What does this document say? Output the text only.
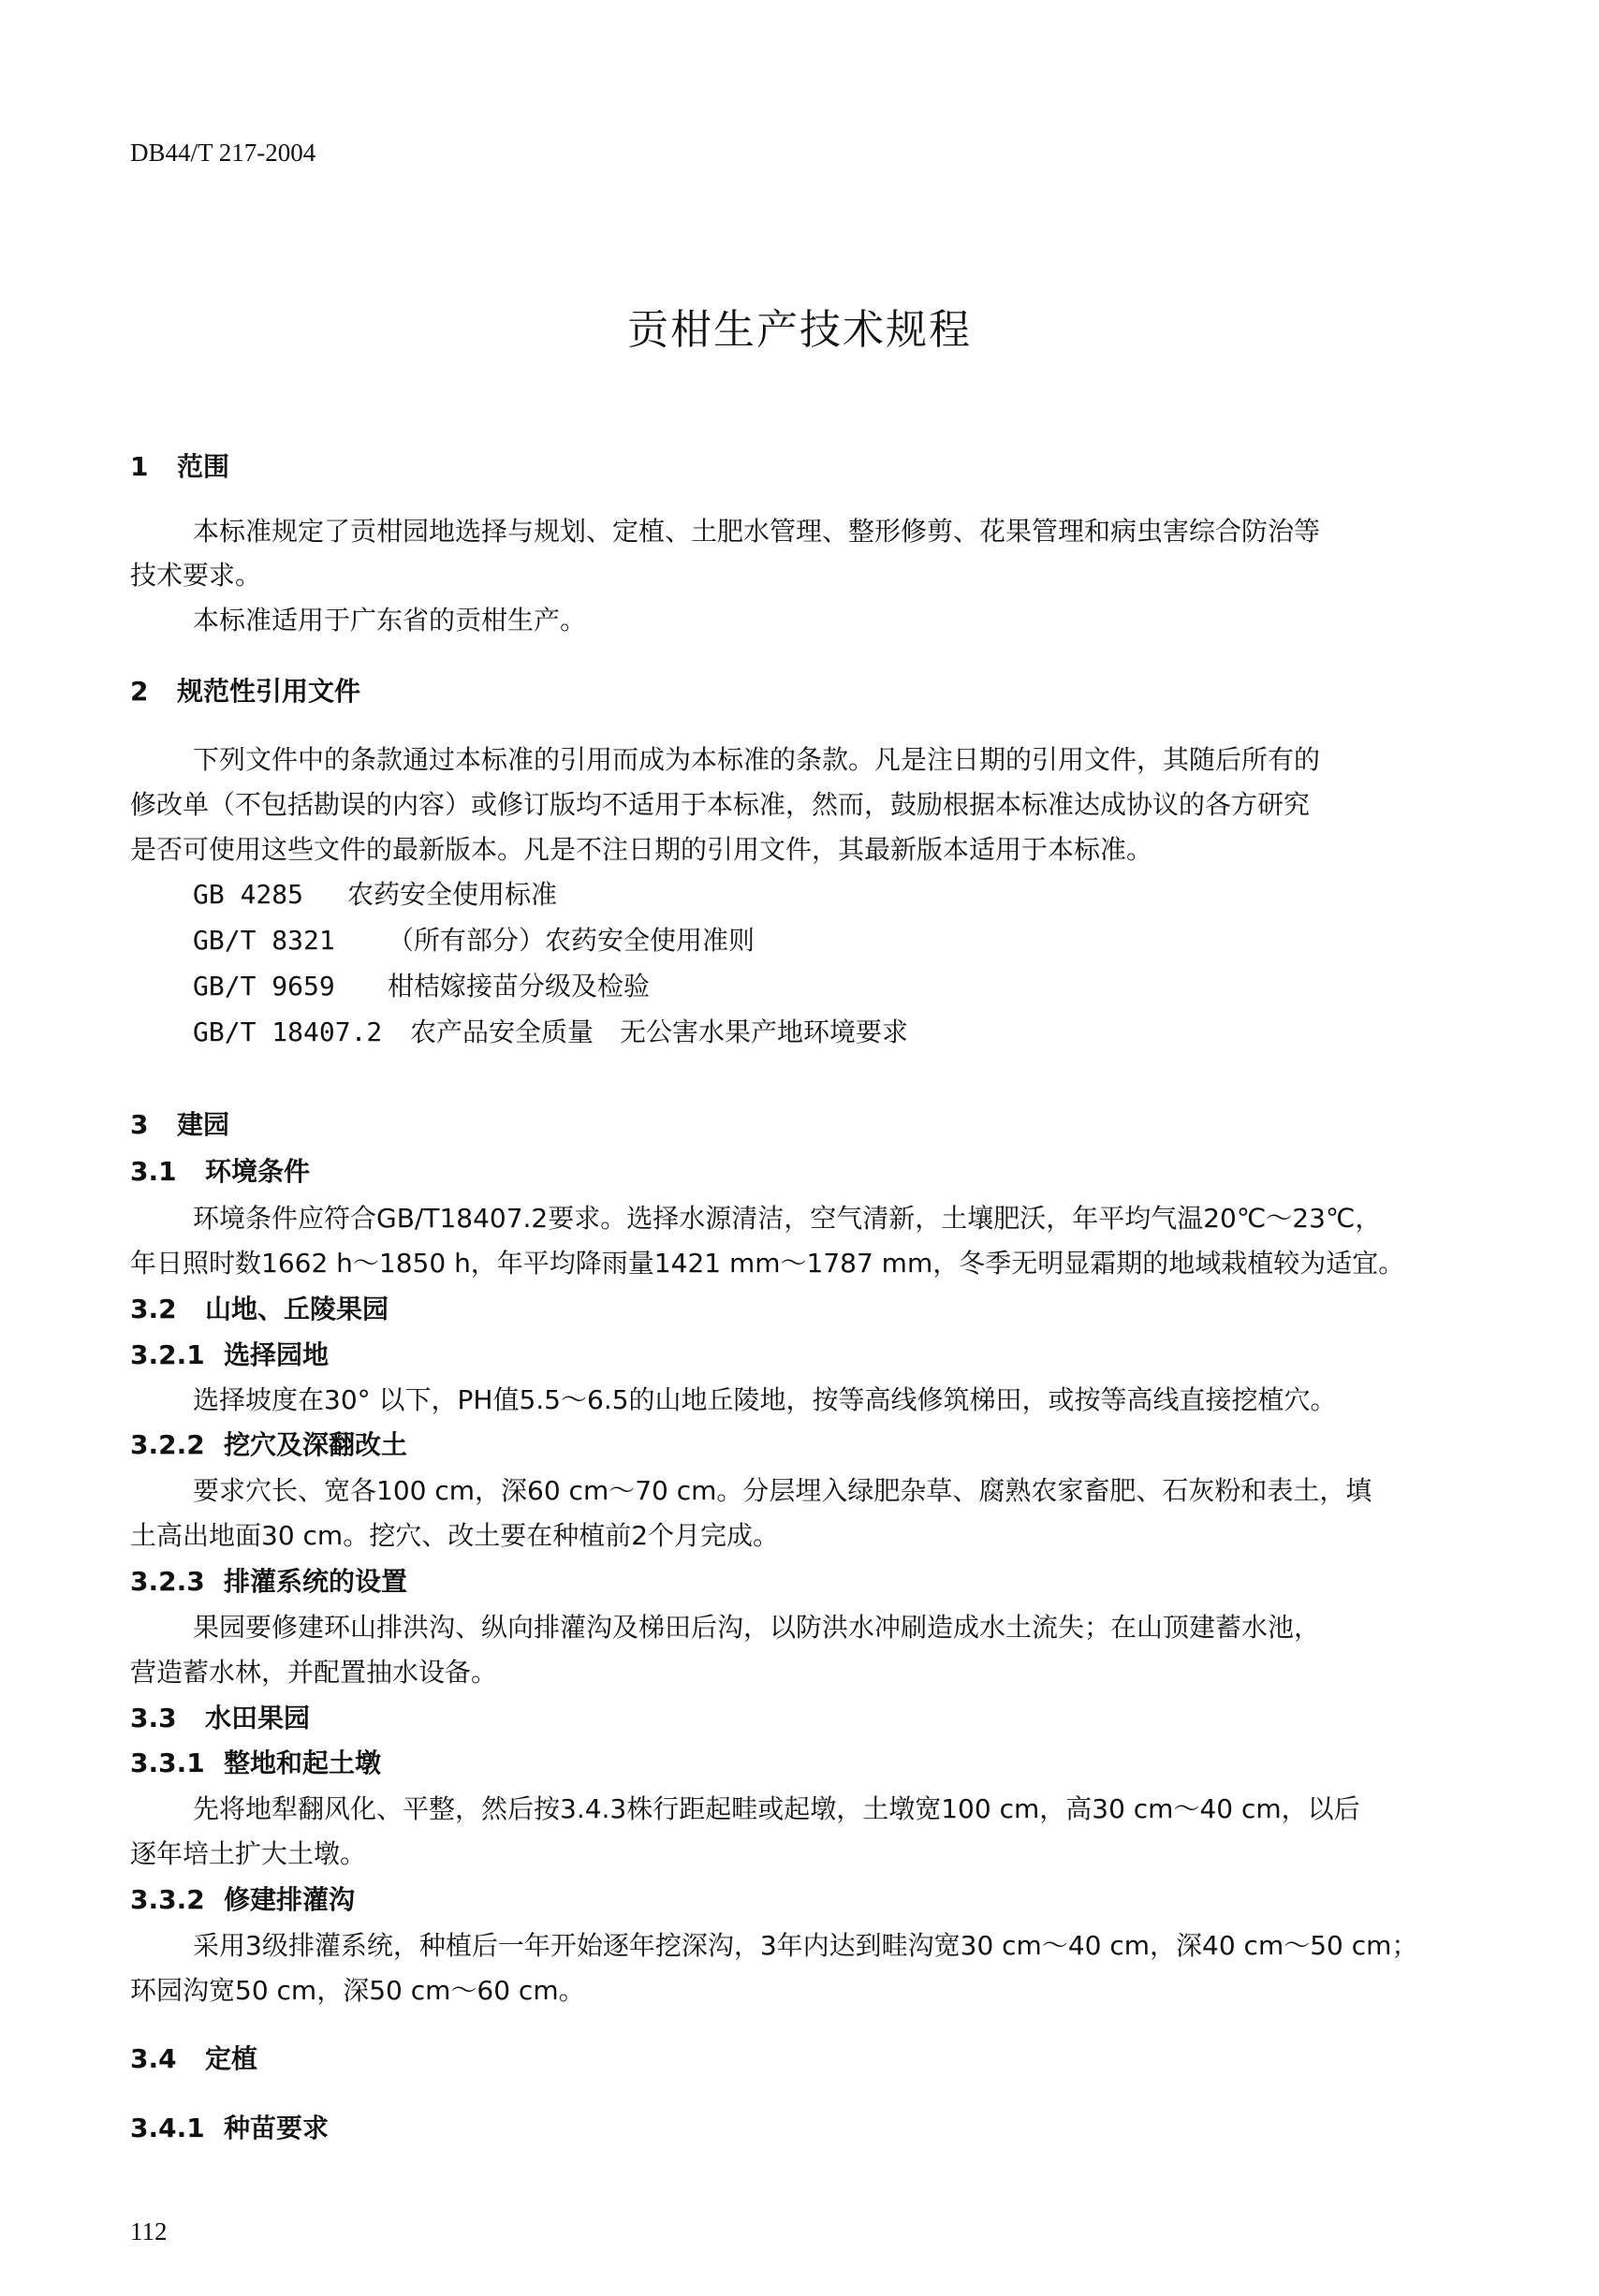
DB44/T 217-2004
贡柑生产技术规程
1 范围
本标准规定了贡柑园地选择与规划、定植、土肥水管理、整形修剪、花果管理和病虫害综合防治等
技术要求。
本标准适用于广东省的贡柑生产。
2 规范性引用文件
下列文件中的条款通过本标准的引用而成为本标准的条款。凡是注日期的引用文件，其随后所有的
修改单（不包括勘误的内容）或修订版均不适用于本标准，然而，鼓励根据本标准达成协议的各方研究
是否可使用这些文件的最新版本。凡是不注日期的引用文件，其最新版本适用于本标准。
GB 4285 农药安全使用标准
GB/T 8321 （所有部分）农药安全使用准则
GB/T 9659 柑桔嫁接苗分级及检验
GB/T 18407.2 农产品安全质量　无公害水果产地环境要求
3 建园
3.1 环境条件
环境条件应符合GB/T18407.2要求。选择水源清洁，空气清新，土壤肥沃，年平均气温20℃～23℃，
年日照时数1662 h～1850 h，年平均降雨量1421 mm～1787 mm，冬季无明显霜期的地域栽植较为适宜。
3.2 山地、丘陵果园
3.2.1 选择园地
选择坡度在30° 以下，PH值5.5～6.5的山地丘陵地，按等高线修筑梯田，或按等高线直接挖植穴。
3.2.2 挖穴及深翻改土
要求穴长、宽各100 cm，深60 cm～70 cm。分层埋入绿肥杂草、腐熟农家畜肥、石灰粉和表土，填
土高出地面30 cm。挖穴、改土要在种植前2个月完成。
3.2.3 排灌系统的设置
果园要修建环山排洪沟、纵向排灌沟及梯田后沟，以防洪水冲刷造成水土流失；在山顶建蓄水池，
营造蓄水林，并配置抽水设备。
3.3 水田果园
3.3.1 整地和起土墩
先将地犁翻风化、平整，然后按3.4.3株行距起畦或起墩，土墩宽100 cm，高30 cm～40 cm，以后
逐年培土扩大土墩。
3.3.2 修建排灌沟
采用3级排灌系统，种植后一年开始逐年挖深沟，3年内达到畦沟宽30 cm～40 cm，深40 cm～50 cm；
环园沟宽50 cm，深50 cm～60 cm。
3.4 定植
3.4.1 种苗要求
112
